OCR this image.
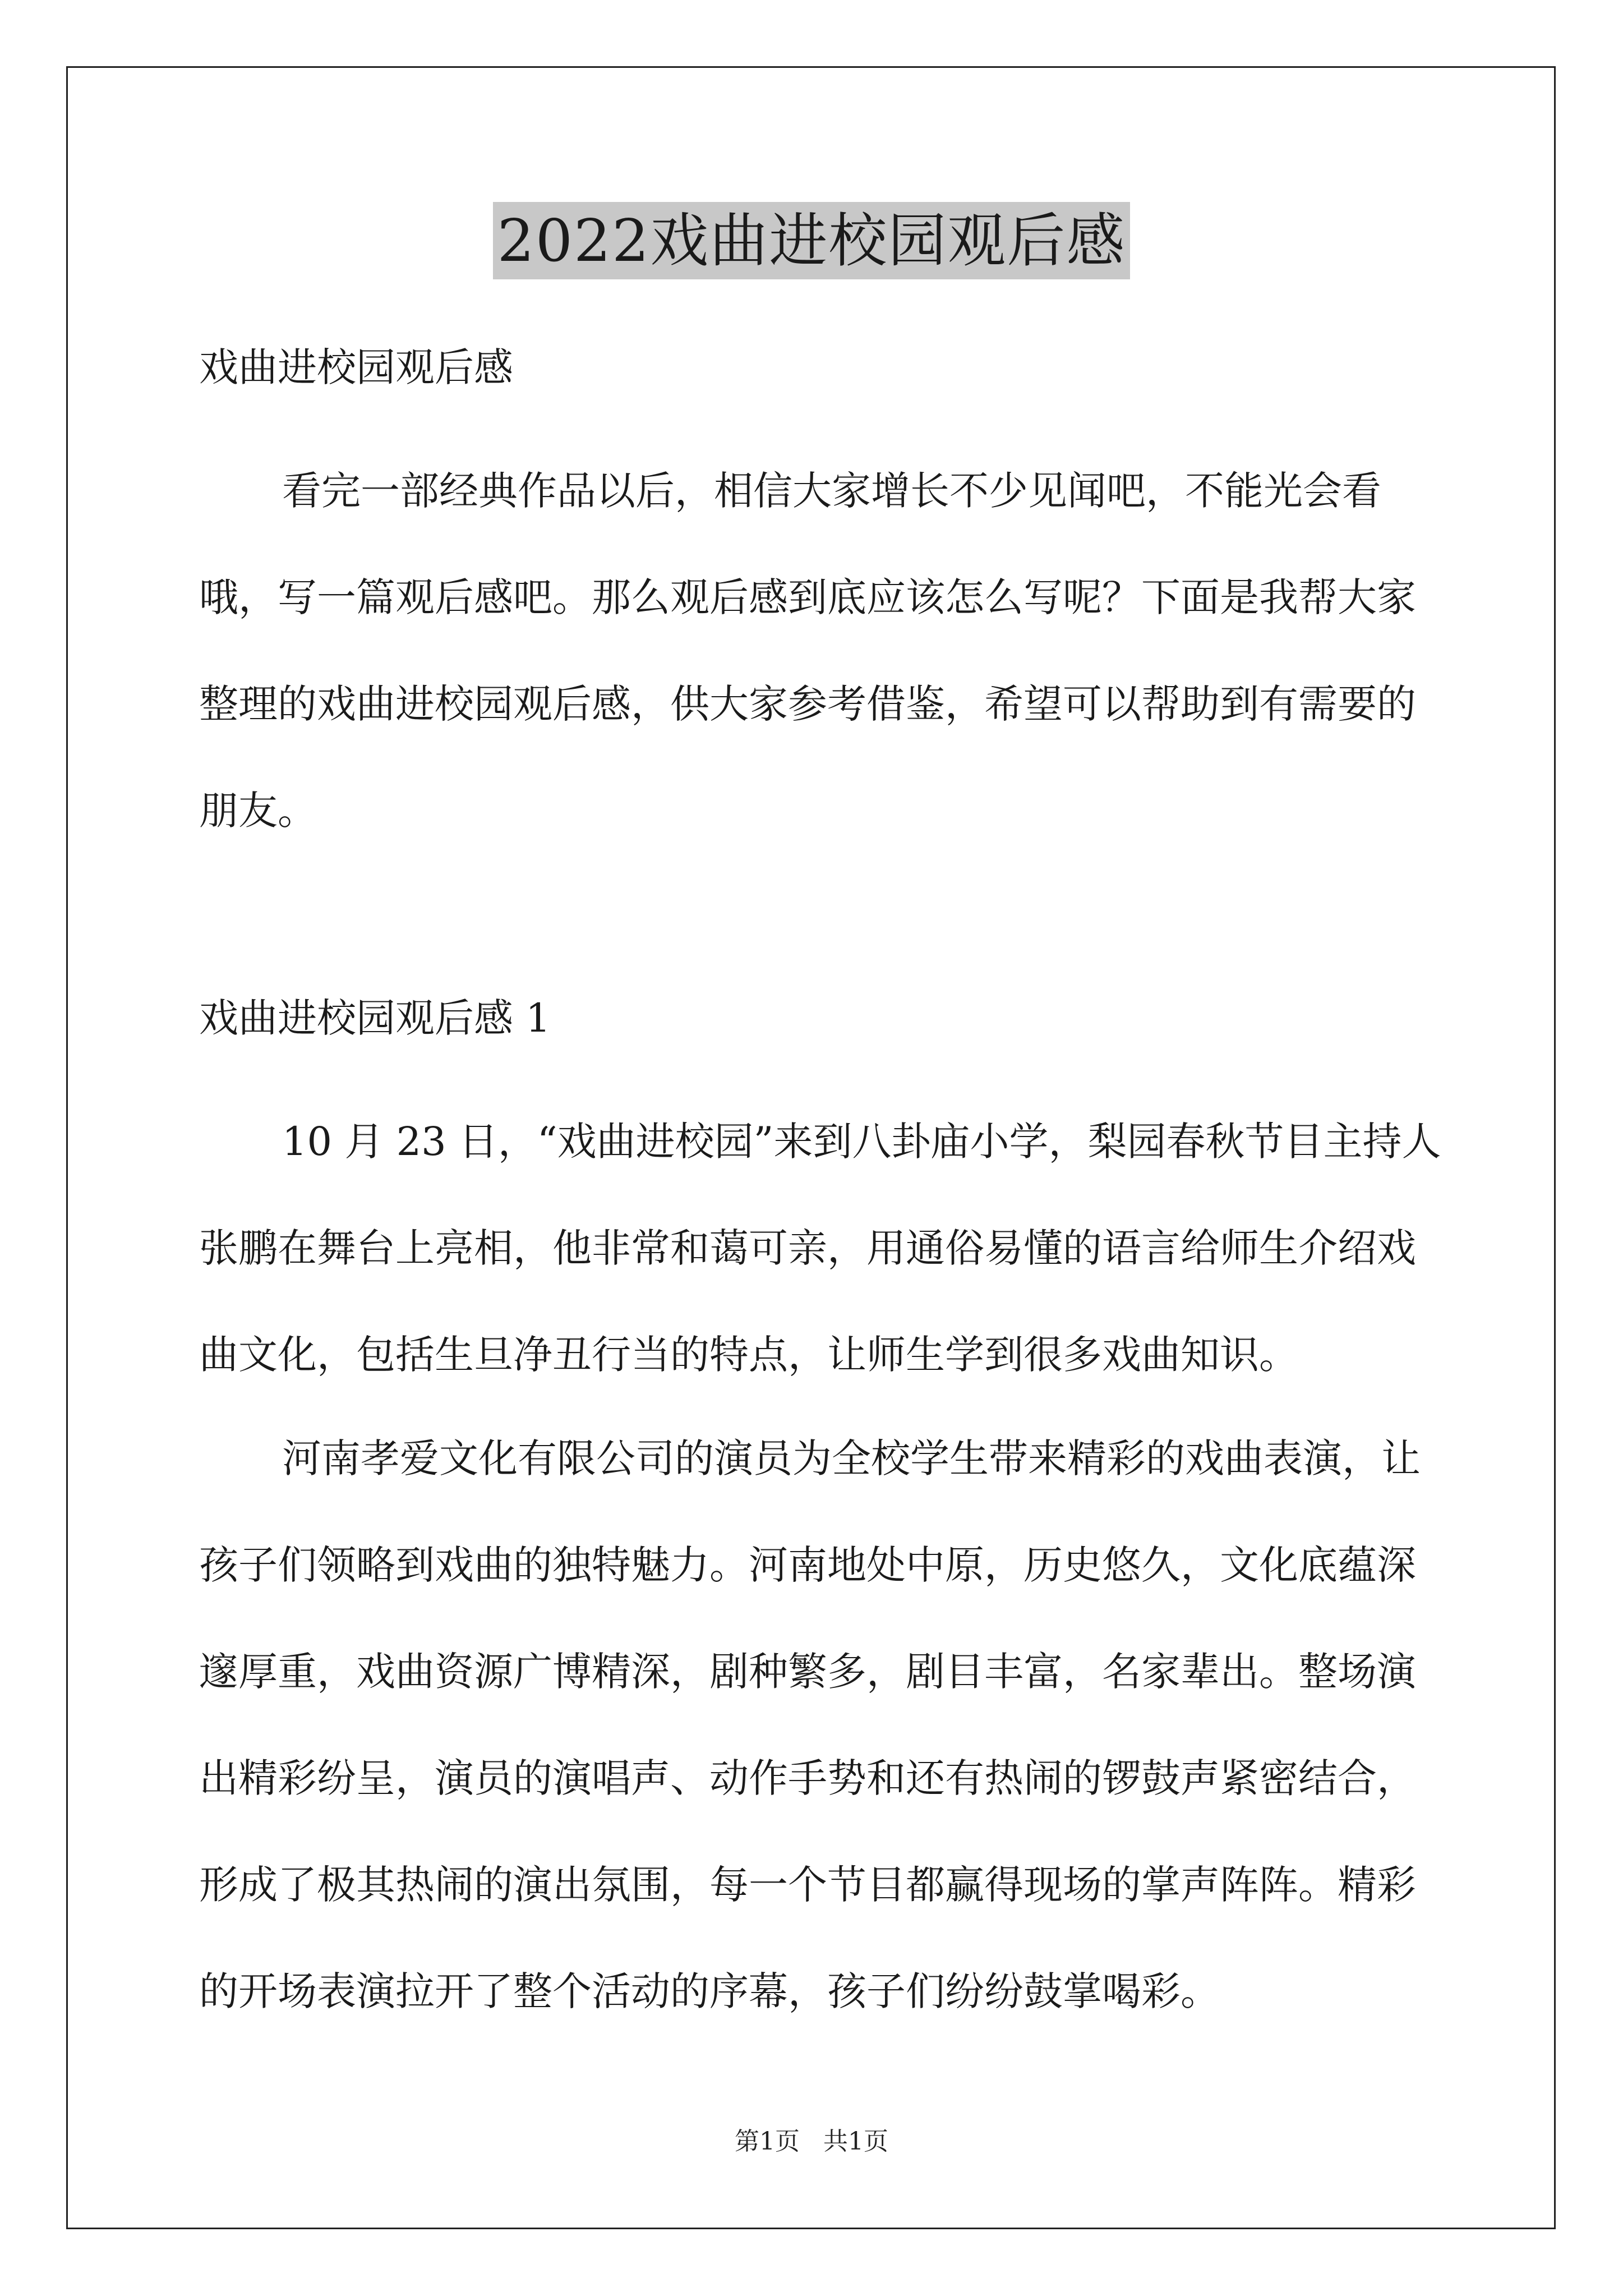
2022戏曲进校园观后感

戏曲进校园观后感

看完一部经典作品以后，相信大家增长不少见闻吧，不能光会看哦，写一篇观后感吧。那么观后感到底应该怎么写呢？下面是我帮大家整理的戏曲进校园观后感，供大家参考借鉴，希望可以帮助到有需要的朋友。

戏曲进校园观后感 1

10 月 23 日，“戏曲进校园”来到八卦庙小学，梨园春秋节目主持人张鹏在舞台上亮相，他非常和蔼可亲，用通俗易懂的语言给师生介绍戏曲文化，包括生旦净丑行当的特点，让师生学到很多戏曲知识。

河南孝爱文化有限公司的演员为全校学生带来精彩的戏曲表演，让孩子们领略到戏曲的独特魅力。河南地处中原，历史悠久，文化底蕴深邃厚重，戏曲资源广博精深，剧种繁多，剧目丰富，名家辈出。整场演出精彩纷呈，演员的演唱声、动作手势和还有热闹的锣鼓声紧密结合，形成了极其热闹的演出氛围，每一个节目都赢得现场的掌声阵阵。精彩的开场表演拉开了整个活动的序幕，孩子们纷纷鼓掌喝彩。

第1页 共1页
